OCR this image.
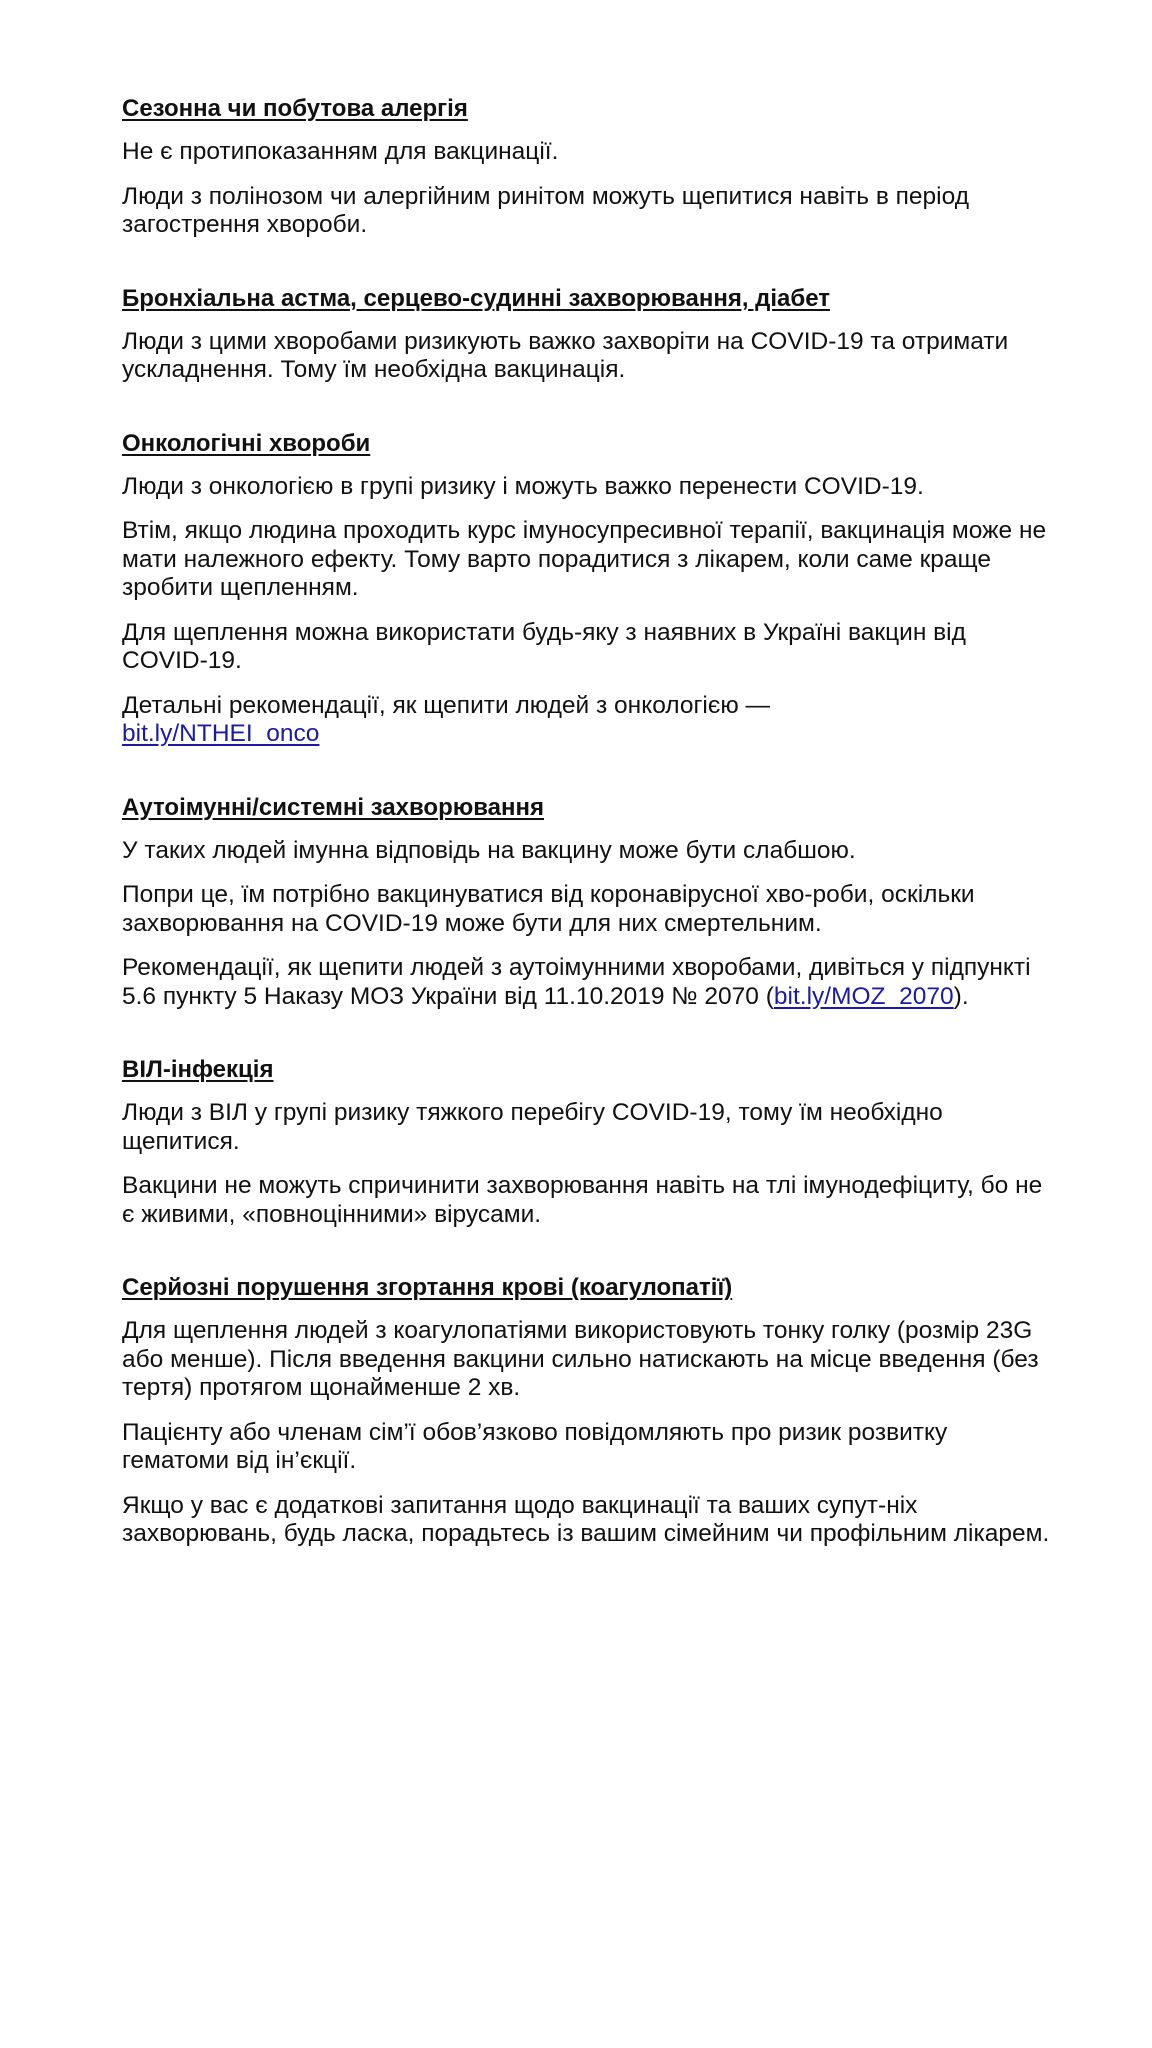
Сезонна чи побутова алергія
Не є протипоказанням для вакцинації.
Люди з полінозом чи алергійним ринітом можуть щепитися навіть в період загострення хвороби.
Бронхіальна астма, серцево-судинні захворювання, діабет
Люди з цими хворобами ризикують важко захворіти на COVID-19 та отримати ускладнення. Тому їм необхідна вакцинація.
Онкологічні хвороби
Люди з онкологією в групі ризику і можуть важко перенести COVID-19.
Втім, якщо людина проходить курс імуносупресивної терапії, вакцинація може не мати належного ефекту. Тому варто порадитися з лікарем, коли саме краще зробити щепленням.
Для щеплення можна використати будь-яку з наявних в Україні вакцин від COVID-19.
Детальні рекомендації, як щепити людей з онкологією —
bit.ly/NTHEI_onco
Аутоімунні/системні захворювання
У таких людей імунна відповідь на вакцину може бути слабшою.
Попри це, їм потрібно вакцинуватися від коронавірусної хво-роби, оскільки захворювання на COVID-19 може бути для них смертельним.
Рекомендації, як щепити людей з аутоімунними хворобами, дивіться у підпункті 5.6 пункту 5 Наказу МОЗ України від 11.10.2019 № 2070 (bit.ly/MOZ_2070).
ВІЛ-інфекція
Люди з ВІЛ у групі ризику тяжкого перебігу COVID-19, тому їм необхідно щепитися.
Вакцини не можуть спричинити захворювання навіть на тлі імунодефіциту, бо не є живими, «повноцінними» вірусами.
Серйозні порушення згортання крові (коагулопатії)
Для щеплення людей з коагулопатіями використовують тонку голку (розмір 23G або менше). Після введення вакцини сильно натискають на місце введення (без тертя) протягом щонайменше 2 хв.
Пацієнту або членам сім’ї обов’язково повідомляють про ризик розвитку гематоми від ін’єкції.
Якщо у вас є додаткові запитання щодо вакцинації та ваших супут-ніх захворювань, будь ласка, порадьтесь із вашим сімейним чи профільним лікарем.
